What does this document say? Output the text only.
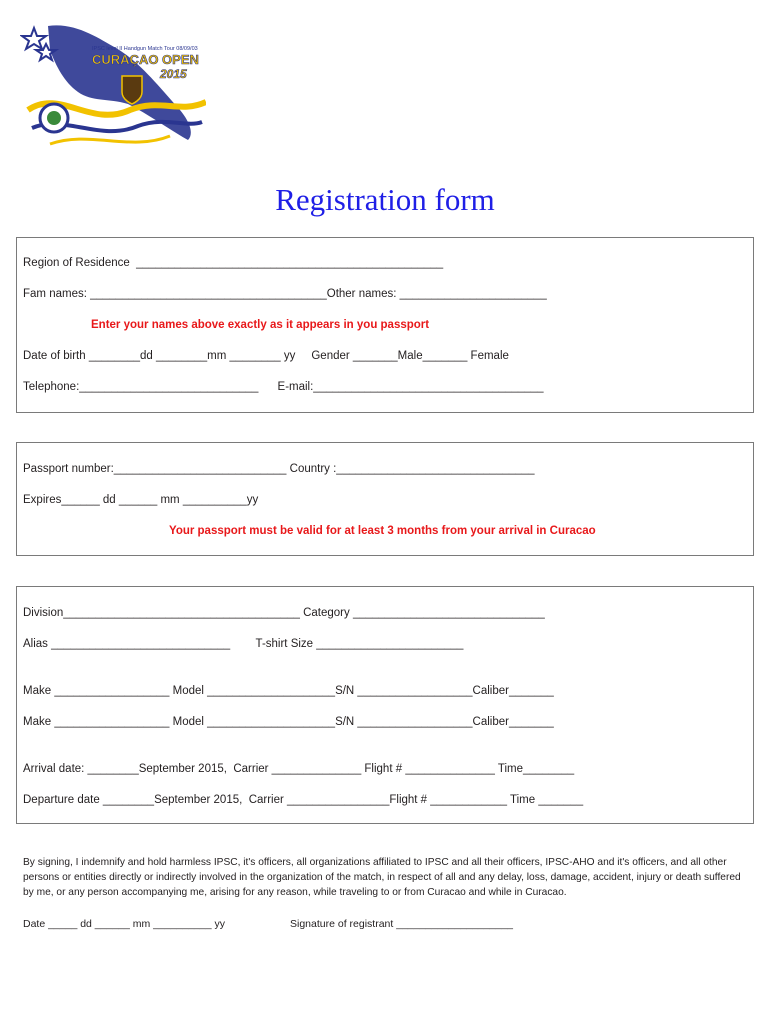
IPSC level II Handgun Match Tour 08/09/03
CURAÇAO OPEN
2015
Registration form
Region of Residence  ________________________________________________
Fam names: _____________________________________Other names: _______________________
Enter your names above exactly as it appears in you passport
Date of birth ________dd ________mm ________ yy     Gender _______Male_______ Female
Telephone:____________________________      E-mail:____________________________________
Passport number:___________________________ Country :_______________________________
Expires______ dd ______ mm __________yy
Your passport must be valid for at least 3 months from your arrival in Curacao
Division_____________________________________ Category ______________________________
Alias ____________________________        T-shirt Size _______________________
Make __________________ Model ____________________S/N __________________Caliber_______
Make __________________ Model ____________________S/N __________________Caliber_______
Arrival date: ________September 2015,  Carrier ______________ Flight # ______________ Time________
Departure date ________September 2015,  Carrier ________________Flight # ____________ Time _______
By signing, I indemnify and hold harmless IPSC, it's officers, all organizations affiliated to IPSC and all their officers, IPSC-AHO and it's officers, and all other persons or entities directly or indirectly involved in the organization of the match, in respect of all and any delay, loss, damage, accident, injury or death suffered by me, or any person accompanying me, arising for any reason, while traveling to or from Curacao and while in Curacao.
Date _____ dd ______ mm __________ yy	Signature of registrant ____________________
